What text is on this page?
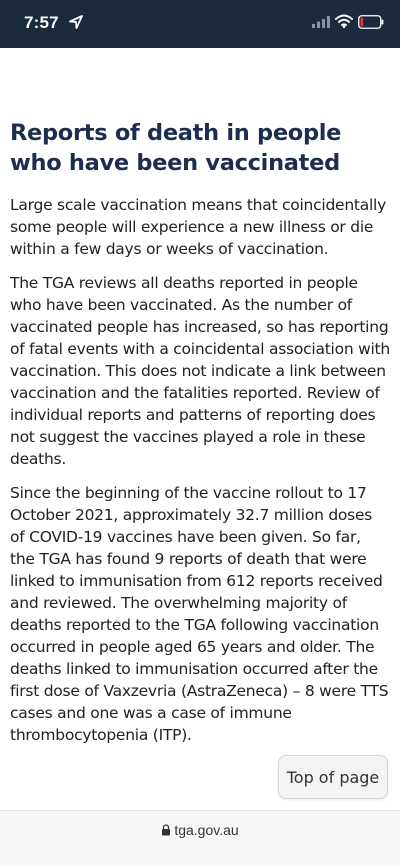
7:57
Reports of death in people who have been vaccinated

Large scale vaccination means that coincidentally some people will experience a new illness or die within a few days or weeks of vaccination.

The TGA reviews all deaths reported in people who have been vaccinated. As the number of vaccinated people has increased, so has reporting of fatal events with a coincidental association with vaccination. This does not indicate a link between vaccination and the fatalities reported. Review of individual reports and patterns of reporting does not suggest the vaccines played a role in these deaths.

Since the beginning of the vaccine rollout to 17 October 2021, approximately 32.7 million doses of COVID-19 vaccines have been given. So far, the TGA has found 9 reports of death that were linked to immunisation from 612 reports received and reviewed. The overwhelming majority of deaths reported to the TGA following vaccination occurred in people aged 65 years and older. The deaths linked to immunisation occurred after the first dose of Vaxzevria (AstraZeneca) – 8 were TTS cases and one was a case of immune thrombocytopenia (ITP).

Top of page
tga.gov.au
